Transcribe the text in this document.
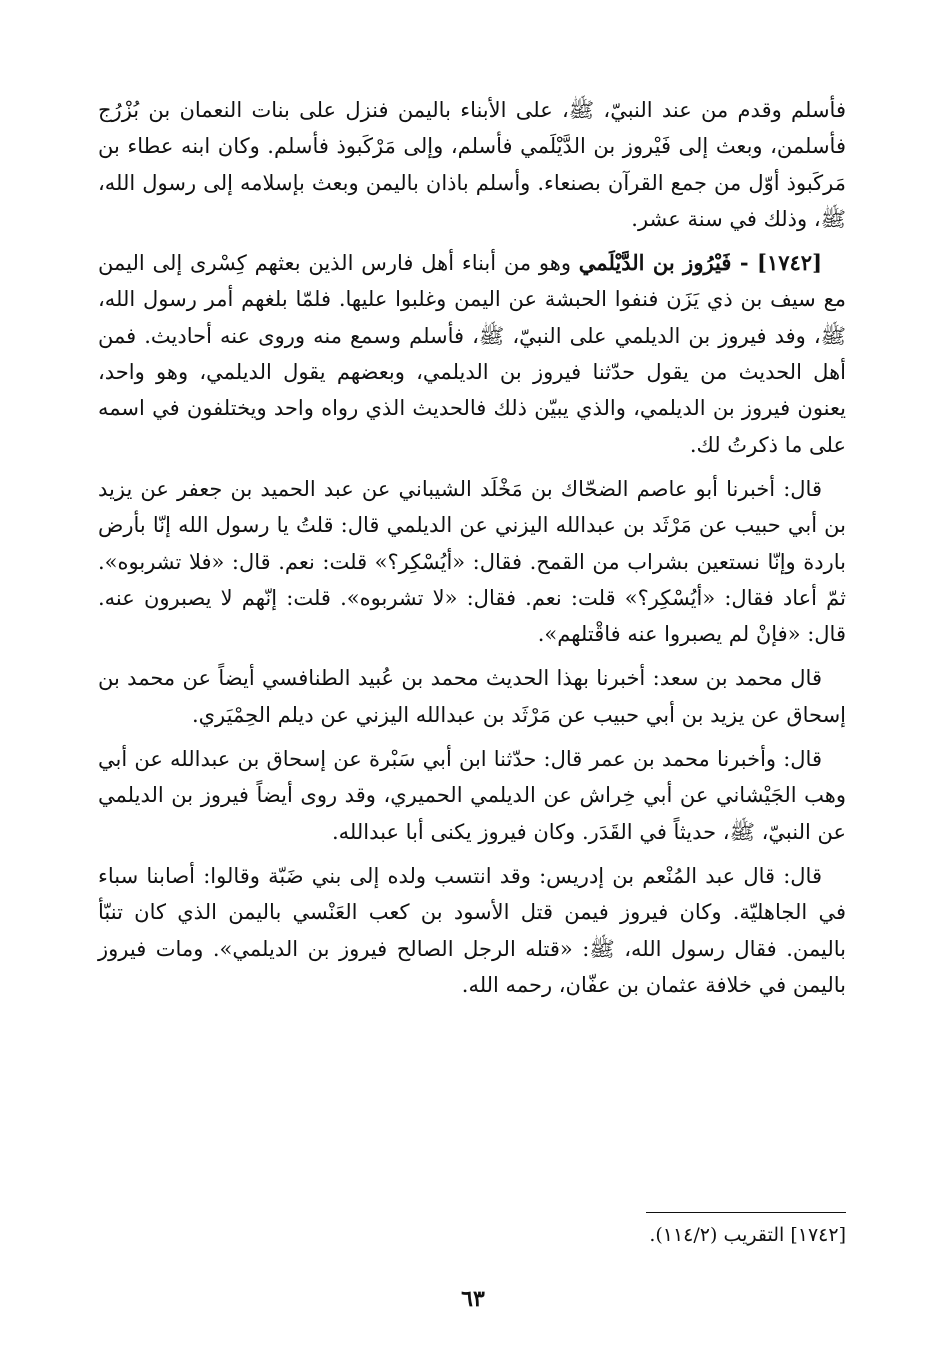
فأسلم وقدم من عند النبيّ، ﷺ، على الأبناء باليمن فنزل على بنات النعمان بن بُزْرُج فأسلمن، وبعث إلى فَيْروز بن الدَّيْلَمي فأسلم، وإلى مَرْكَبوذ فأسلم. وكان ابنه عطاء بن مَركَبوذ أوّل من جمع القرآن بصنعاء. وأسلم باذان باليمن وبعث بإسلامه إلى رسول الله، ﷺ، وذلك في سنة عشر.

[١٧٤٢] - فَيْرُوز بن الدَّيْلَمي وهو من أبناء أهل فارس الذين بعثهم كِسْرى إلى اليمن مع سيف بن ذي يَزَن فنفوا الحبشة عن اليمن وغلبوا عليها. فلمّا بلغهم أمر رسول الله، ﷺ، وفد فيروز بن الديلمي على النبيّ، ﷺ، فأسلم وسمع منه وروى عنه أحاديث. فمن أهل الحديث من يقول حدّثنا فيروز بن الديلمي، وبعضهم يقول الديلمي، وهو واحد، يعنون فيروز بن الديلمي، والذي يبيّن ذلك فالحديث الذي رواه واحد ويختلفون في اسمه على ما ذكرتُ لك.

قال: أخبرنا أبو عاصم الضحّاك بن مَخْلَد الشيباني عن عبد الحميد بن جعفر عن يزيد بن أبي حبيب عن مَرْثَد بن عبدالله اليزني عن الديلمي قال: قلتُ يا رسول الله إنّا بأرض باردة وإنّا نستعين بشراب من القمح. فقال: «أيُسْكِر؟» قلت: نعم. قال: «فلا تشربوه». ثمّ أعاد فقال: «أيُسْكِر؟» قلت: نعم. فقال: «لا تشربوه». قلت: إنّهم لا يصبرون عنه. قال: «فإنْ لم يصبروا عنه فاقْتلهم».

قال محمد بن سعد: أخبرنا بهذا الحديث محمد بن عُبيد الطنافسي أيضاً عن محمد بن إسحاق عن يزيد بن أبي حبيب عن مَرْثَد بن عبدالله اليزني عن ديلم الحِمْيَري.

قال: وأخبرنا محمد بن عمر قال: حدّثنا ابن أبي سَبْرة عن إسحاق بن عبدالله عن أبي وهب الجَيْشاني عن أبي خِراش عن الديلمي الحميري، وقد روى أيضاً فيروز بن الديلمي عن النبيّ، ﷺ، حديثاً في القَدَر. وكان فيروز يكنى أبا عبدالله.

قال: قال عبد المُنْعم بن إدريس: وقد انتسب ولده إلى بني ضَبّة وقالوا: أصابنا سباء في الجاهليّة. وكان فيروز فيمن قتل الأسود بن كعب العَنْسي باليمن الذي كان تنبّأ باليمن. فقال رسول الله، ﷺ: «قتله الرجل الصالح فيروز بن الديلمي». ومات فيروز باليمن في خلافة عثمان بن عفّان، رحمه الله.

[١٧٤٢] التقريب (١١٤/٢).
٦٣
